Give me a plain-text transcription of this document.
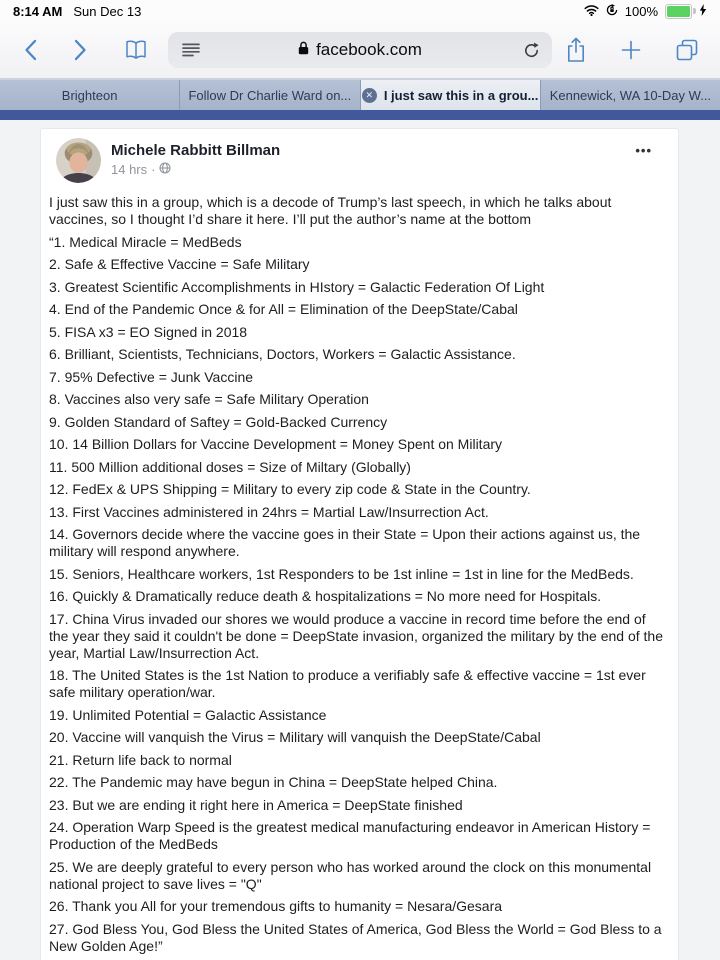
8:14 AM Sun Dec 13	100%
facebook.com
Brighteon	Follow Dr Charlie Ward on...	✕ I just saw this in a grou... Kennewick, WA 10-Day W...
Michele Rabbitt Billman
14 hrs ·
•••

I just saw this in a group, which is a decode of Trump’s last speech, in which he talks about vaccines, so I thought I’d share it here. I’ll put the author’s name at the bottom

“1. Medical Miracle = MedBeds

2. Safe & Effective Vaccine = Safe Military

3. Greatest Scientific Accomplishments in HIstory = Galactic Federation Of Light

4. End of the Pandemic Once & for All = Elimination of the DeepState/Cabal

5. FISA x3 = EO Signed in 2018

6. Brilliant, Scientists, Technicians, Doctors, Workers = Galactic Assistance.

7. 95% Defective = Junk Vaccine

8. Vaccines also very safe = Safe Military Operation

9. Golden Standard of Saftey = Gold-Backed Currency

10. 14 Billion Dollars for Vaccine Development = Money Spent on Military

11. 500 Million additional doses = Size of Miltary (Globally)

12. FedEx & UPS Shipping = Military to every zip code & State in the Country.

13. First Vaccines administered in 24hrs = Martial Law/Insurrection Act.

14. Governors decide where the vaccine goes in their State = Upon their actions against us, the military will respond anywhere.

15. Seniors, Healthcare workers, 1st Responders to be 1st inline = 1st in line for the MedBeds.

16. Quickly & Dramatically reduce death & hospitalizations = No more need for Hospitals.

17. China Virus invaded our shores we would produce a vaccine in record time before the end of the year they said it couldn't be done = DeepState invasion, organized the military by the end of the year, Martial Law/Insurrection Act.

18. The United States is the 1st Nation to produce a verifiably safe & effective vaccine = 1st ever safe military operation/war.

19. Unlimited Potential = Galactic Assistance

20. Vaccine will vanquish the Virus = Military will vanquish the DeepState/Cabal

21. Return life back to normal

22. The Pandemic may have begun in China = DeepState helped China.

23. But we are ending it right here in America = DeepState finished

24. Operation Warp Speed is the greatest medical manufacturing endeavor in American History = Production of the MedBeds

25. We are deeply grateful to every person who has worked around the clock on this monumental national project to save lives = "Q"

26. Thank you All for your tremendous gifts to humanity = Nesara/Gesara

27. God Bless You, God Bless the United States of America, God Bless the World = God Bless to a New Golden Age!”
